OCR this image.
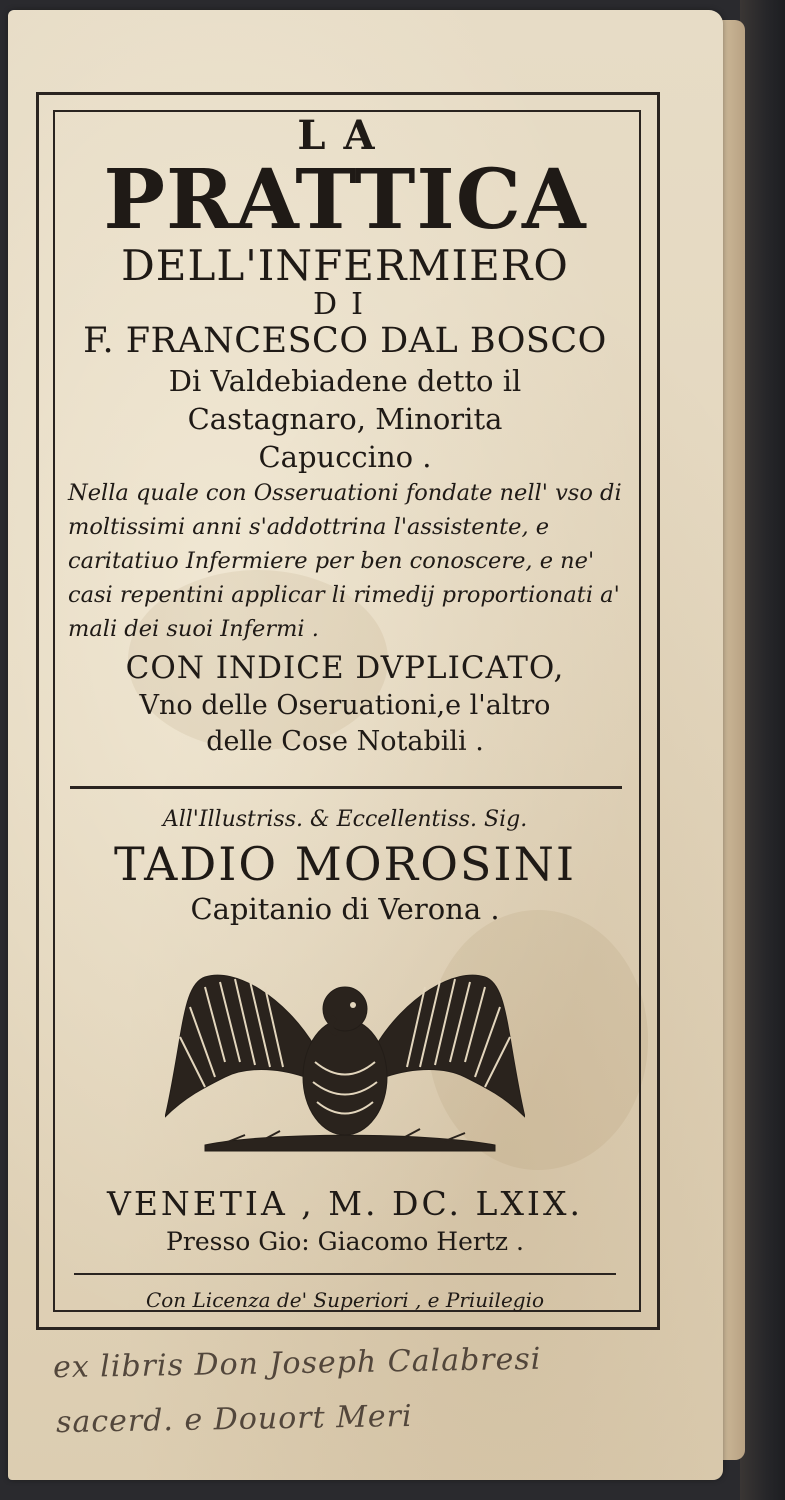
LA
PRATTICA
DELL'INFERMIERO
DI
F. FRANCESCO DAL BOSCO
Di Valdebiadene detto il
Castagnaro, Minorita
Capuccino .

Nella quale con Osseruationi fondate nell' vso di moltissimi anni s'addottrina l'assistente, e caritatiuo Infermiere per ben conoscere, e ne' casi repentini applicar li rimedij proportionati a' mali dei suoi Infermi .

CON INDICE DVPLICATO,
Vno delle Oseruationi,e l'altro
delle Cose Notabili .
All'Illustriss. & Eccellentiss. Sig.
TADIO MOROSINI
Capitanio di Verona .
VENETIA , M. DC. LXIX.
Presso Gio: Giacomo Hertz .
Con Licenza de' Superiori , e Priuilegio
ex libris Don Joseph Calabresi
sacerd. e Douort Meri
